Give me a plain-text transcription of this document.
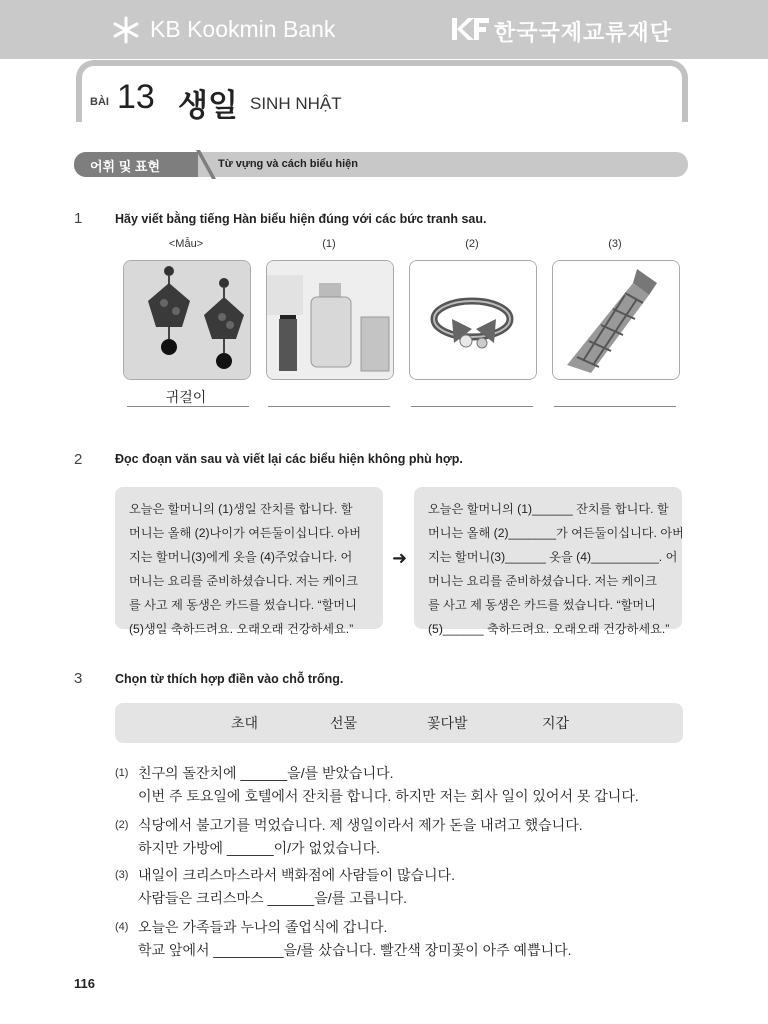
KB Kookmin Bank	한국국제교류재단
BÀI 13 생일 SINH NHẬT
어휘 및 표현	Từ vựng và cách biểu hiện
1	Hãy viết bằng tiếng Hàn biểu hiện đúng với các bức tranh sau.
<Mẫu>	(1)	(2)	(3)
귀걸이
2	Đọc đoạn văn sau và viết lại các biểu hiện không phù hợp.
오늘은 할머니의 (1)생일 잔치를 합니다. 할
머니는 올해 (2)나이가 여든둘이십니다. 아버
지는 할머니(3)에게 옷을 (4)주었습니다. 어
머니는 요리를 준비하셨습니다. 저는 케이크
를 사고 제 동생은 카드를 썼습니다. “할머니
(5)생일 축하드려요. 오래오래 건강하세요.”
➜
오늘은 할머니의 (1)______ 잔치를 합니다. 할
머니는 올해 (2)_______가 여든둘이십니다. 아버
지는 할머니(3)______ 옷을 (4)__________. 어
머니는 요리를 준비하셨습니다. 저는 케이크
를 사고 제 동생은 카드를 썼습니다. “할머니
(5)______ 축하드려요. 오래오래 건강하세요.”
3	Chọn từ thích hợp điền vào chỗ trống.
초대	선물	꽃다발	지갑
(1) 친구의 돌잔치에 ______을/를 받았습니다.
이번 주 토요일에 호텔에서 잔치를 합니다. 하지만 저는 회사 일이 있어서 못 갑니다.
(2) 식당에서 불고기를 먹었습니다. 제 생일이라서 제가 돈을 내려고 했습니다.
하지만 가방에 ______이/가 없었습니다.
(3) 내일이 크리스마스라서 백화점에 사람들이 많습니다.
사람들은 크리스마스 ______을/를 고릅니다.
(4) 오늘은 가족들과 누나의 졸업식에 갑니다.
학교 앞에서 _________을/를 샀습니다. 빨간색 장미꽃이 아주 예쁩니다.
116
